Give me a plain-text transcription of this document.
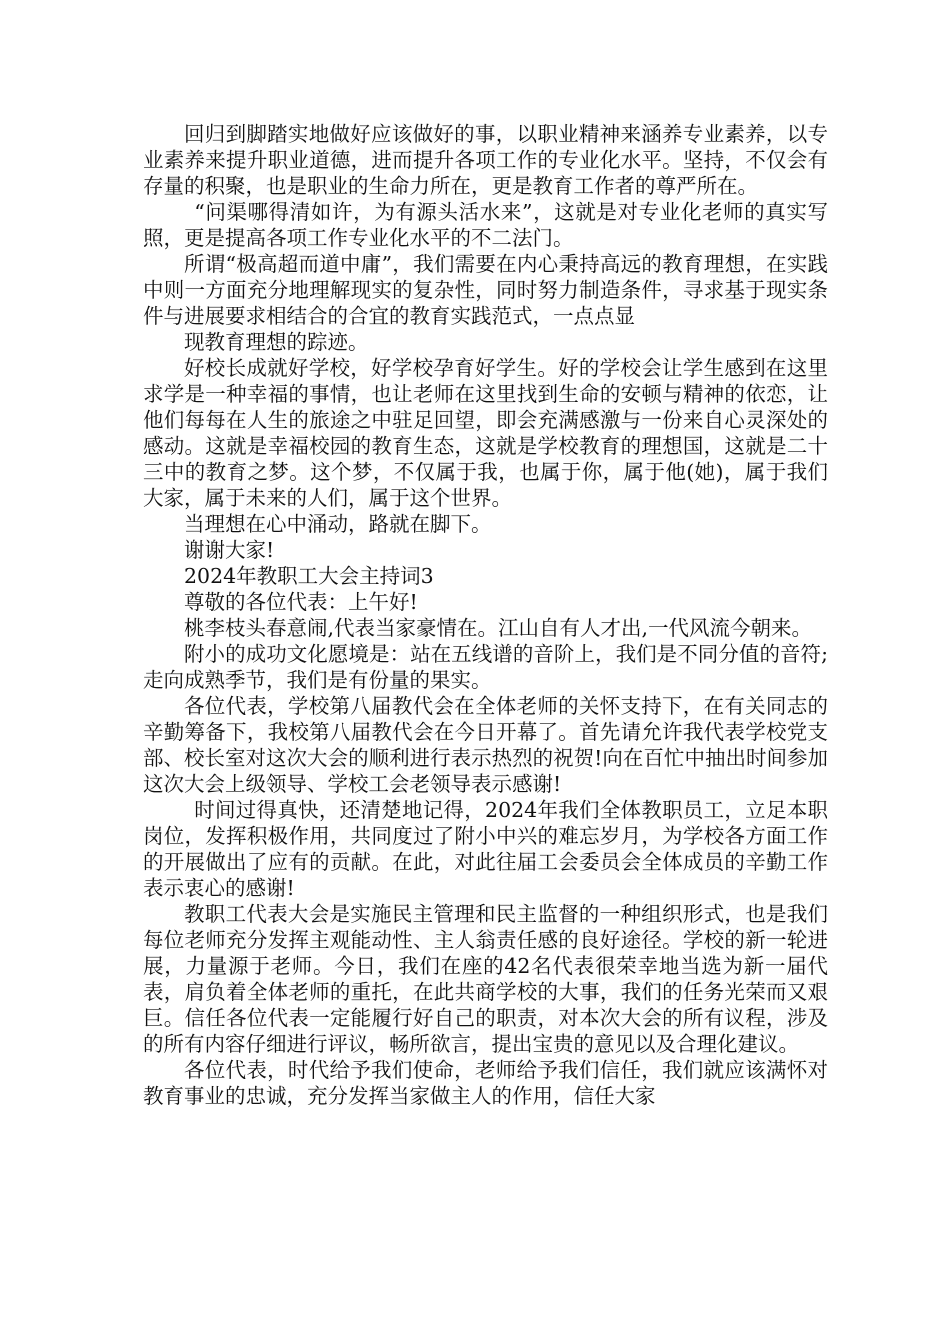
回归到脚踏实地做好应该做好的事，以职业精神来涵养专业素养，以专业素养来提升职业道德，进而提升各项工作的专业化水平。坚持，不仅会有存量的积聚，也是职业的生命力所在，更是教育工作者的尊严所在。

“问渠哪得清如许，为有源头活水来”，这就是对专业化老师的真实写照，更是提高各项工作专业化水平的不二法门。

所谓“极高超而道中庸”，我们需要在内心秉持高远的教育理想，在实践中则一方面充分地理解现实的复杂性，同时努力制造条件，寻求基于现实条件与进展要求相结合的合宜的教育实践范式，一点点显

现教育理想的踪迹。

好校长成就好学校，好学校孕育好学生。好的学校会让学生感到在这里求学是一种幸福的事情，也让老师在这里找到生命的安顿与精神的依恋，让他们每每在人生的旅途之中驻足回望，即会充满感激与一份来自心灵深处的感动。这就是幸福校园的教育生态，这就是学校教育的理想国，这就是二十三中的教育之梦。这个梦，不仅属于我，也属于你，属于他(她)，属于我们大家，属于未来的人们，属于这个世界。

当理想在心中涌动，路就在脚下。

谢谢大家!

2024年教职工大会主持词3

尊敬的各位代表：上午好!

桃李枝头春意闹,代表当家豪情在。江山自有人才出,一代风流今朝来。

附小的成功文化愿境是：站在五线谱的音阶上，我们是不同分值的音符;走向成熟季节，我们是有份量的果实。

各位代表，学校第八届教代会在全体老师的关怀支持下，在有关同志的辛勤筹备下，我校第八届教代会在今日开幕了。首先请允许我代表学校党支部、校长室对这次大会的顺利进行表示热烈的祝贺!向在百忙中抽出时间参加这次大会上级领导、学校工会老领导表示感谢!

时间过得真快，还清楚地记得，2024年我们全体教职员工，立足本职岗位，发挥积极作用，共同度过了附小中兴的难忘岁月，为学校各方面工作的开展做出了应有的贡献。在此，对此往届工会委员会全体成员的辛勤工作表示衷心的感谢!

教职工代表大会是实施民主管理和民主监督的一种组织形式，也是我们每位老师充分发挥主观能动性、主人翁责任感的良好途径。学校的新一轮进展，力量源于老师。今日，我们在座的42名代表很荣幸地当选为新一届代表，肩负着全体老师的重托，在此共商学校的大事，我们的任务光荣而又艰巨。信任各位代表一定能履行好自己的职责，对本次大会的所有议程，涉及的所有内容仔细进行评议，畅所欲言，提出宝贵的意见以及合理化建议。

各位代表，时代给予我们使命，老师给予我们信任，我们就应该满怀对教育事业的忠诚，充分发挥当家做主人的作用，信任大家
